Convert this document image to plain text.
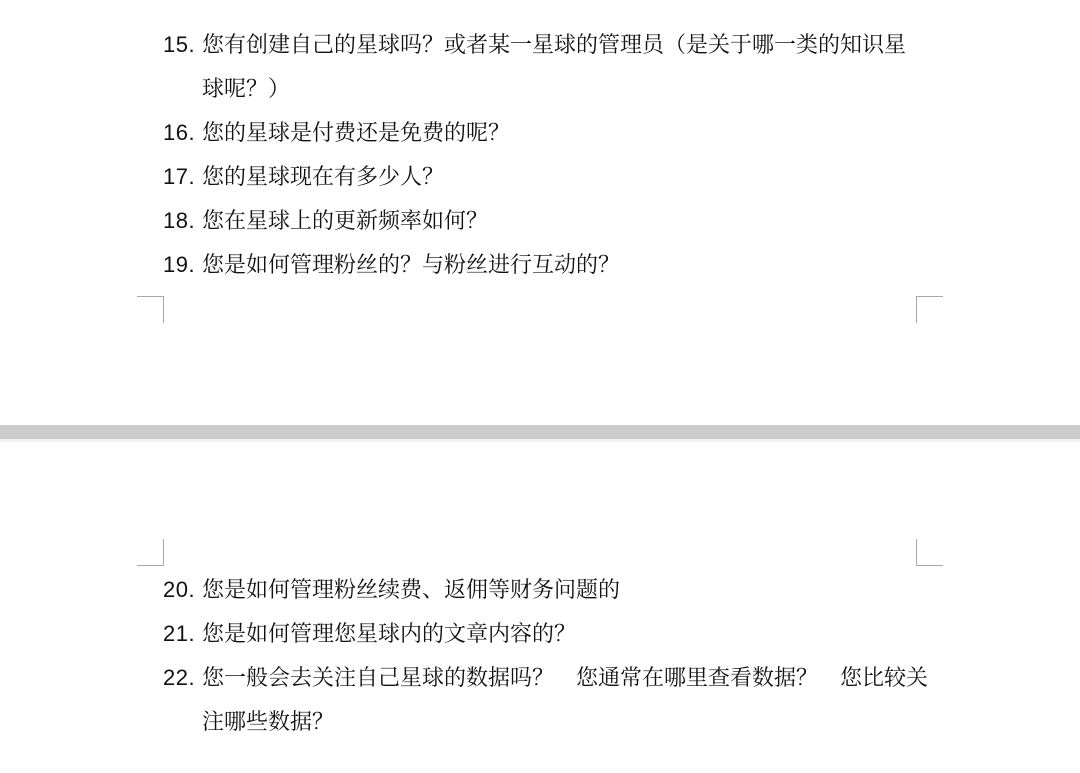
15. 您有创建自己的星球吗？或者某一星球的管理员（是关于哪一类的知识星
球呢？）
16. 您的星球是付费还是免费的呢？
17. 您的星球现在有多少人？
18. 您在星球上的更新频率如何？
19. 您是如何管理粉丝的？与粉丝进行互动的？
20. 您是如何管理粉丝续费、返佣等财务问题的
21. 您是如何管理您星球内的文章内容的？
22. 您一般会去关注自己星球的数据吗？　您通常在哪里查看数据？　您比较关
注哪些数据？
